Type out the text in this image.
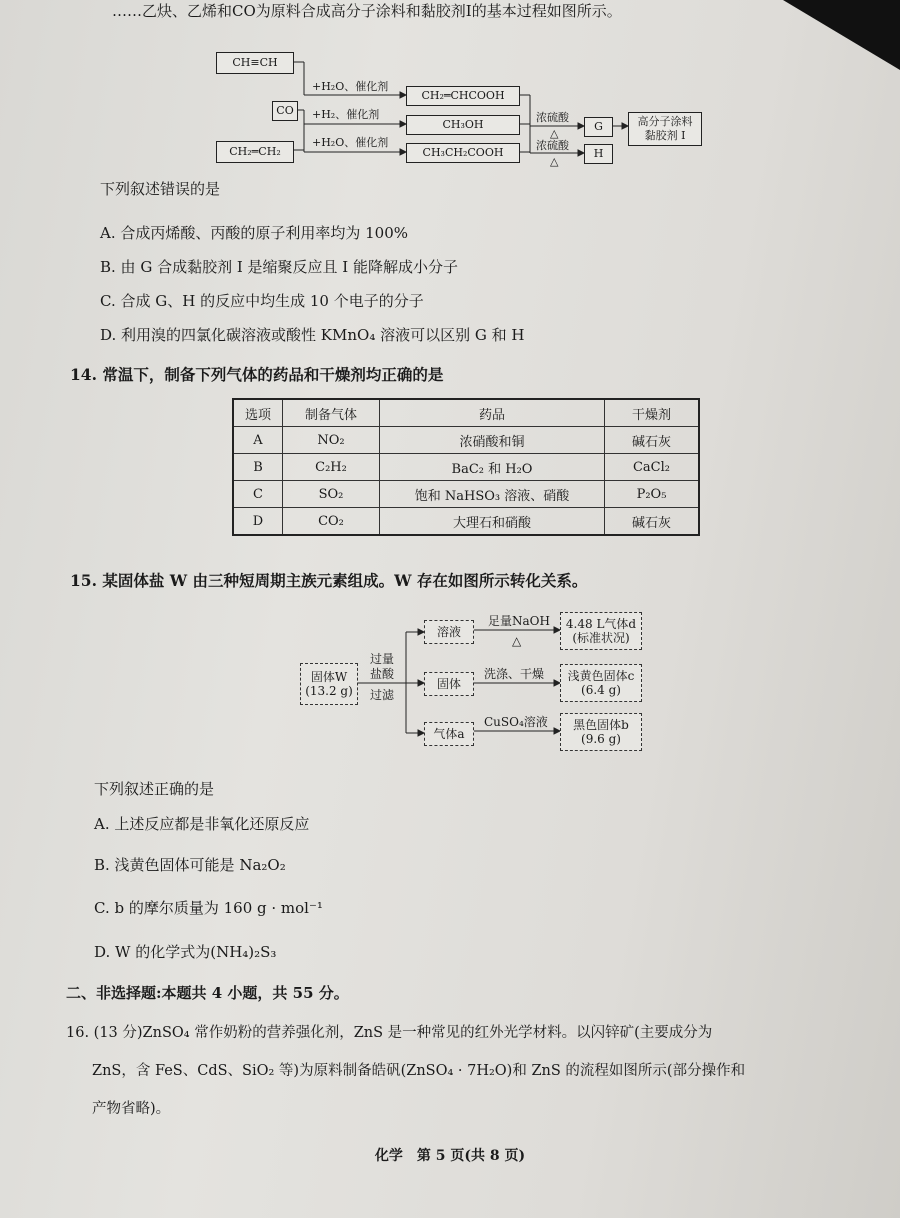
……乙炔、乙烯和CO为原料合成高分子涂料和黏胶剂I的基本过程如图所示。
CH≡CH
CO
CH₂═CH₂
+H₂O、催化剂
+H₂、催化剂
+H₂O、催化剂
CH₂═CHCOOH
CH₃OH
CH₃CH₂COOH
浓硫酸
△
浓硫酸
△
G
H
高分子涂料
黏胶剂 I
下列叙述错误的是
A. 合成丙烯酸、丙酸的原子利用率均为 100%
B. 由 G 合成黏胶剂 I 是缩聚反应且 I 能降解成小分子
C. 合成 G、H 的反应中均生成 10 个电子的分子
D. 利用溴的四氯化碳溶液或酸性 KMnO₄ 溶液可以区别 G 和 H
14. 常温下，制备下列气体的药品和干燥剂均正确的是
选项	制备气体	药品	干燥剂
A	NO₂	浓硝酸和铜	碱石灰
B	C₂H₂	BaC₂ 和 H₂O	CaCl₂
C	SO₂	饱和 NaHSO₃ 溶液、硝酸	P₂O₅
D	CO₂	大理石和硝酸	碱石灰
15. 某固体盐 W 由三种短周期主族元素组成。W 存在如图所示转化关系。
固体W
(13.2 g)
过量
盐酸
过滤
溶液
固体
气体a
足量NaOH
△
洗涤、干燥
CuSO₄溶液
4.48 L气体d
(标准状况)
浅黄色固体c
(6.4 g)
黑色固体b
(9.6 g)
下列叙述正确的是
A. 上述反应都是非氧化还原反应
B. 浅黄色固体可能是 Na₂O₂
C. b 的摩尔质量为 160 g · mol⁻¹
D. W 的化学式为(NH₄)₂S₃
二、非选择题:本题共 4 小题，共 55 分。
16. (13 分)ZnSO₄ 常作奶粉的营养强化剂，ZnS 是一种常见的红外光学材料。以闪锌矿(主要成分为
ZnS，含 FeS、CdS、SiO₂ 等)为原料制备皓矾(ZnSO₄ · 7H₂O)和 ZnS 的流程如图所示(部分操作和
产物省略)。
化学　第 5 页(共 8 页)
